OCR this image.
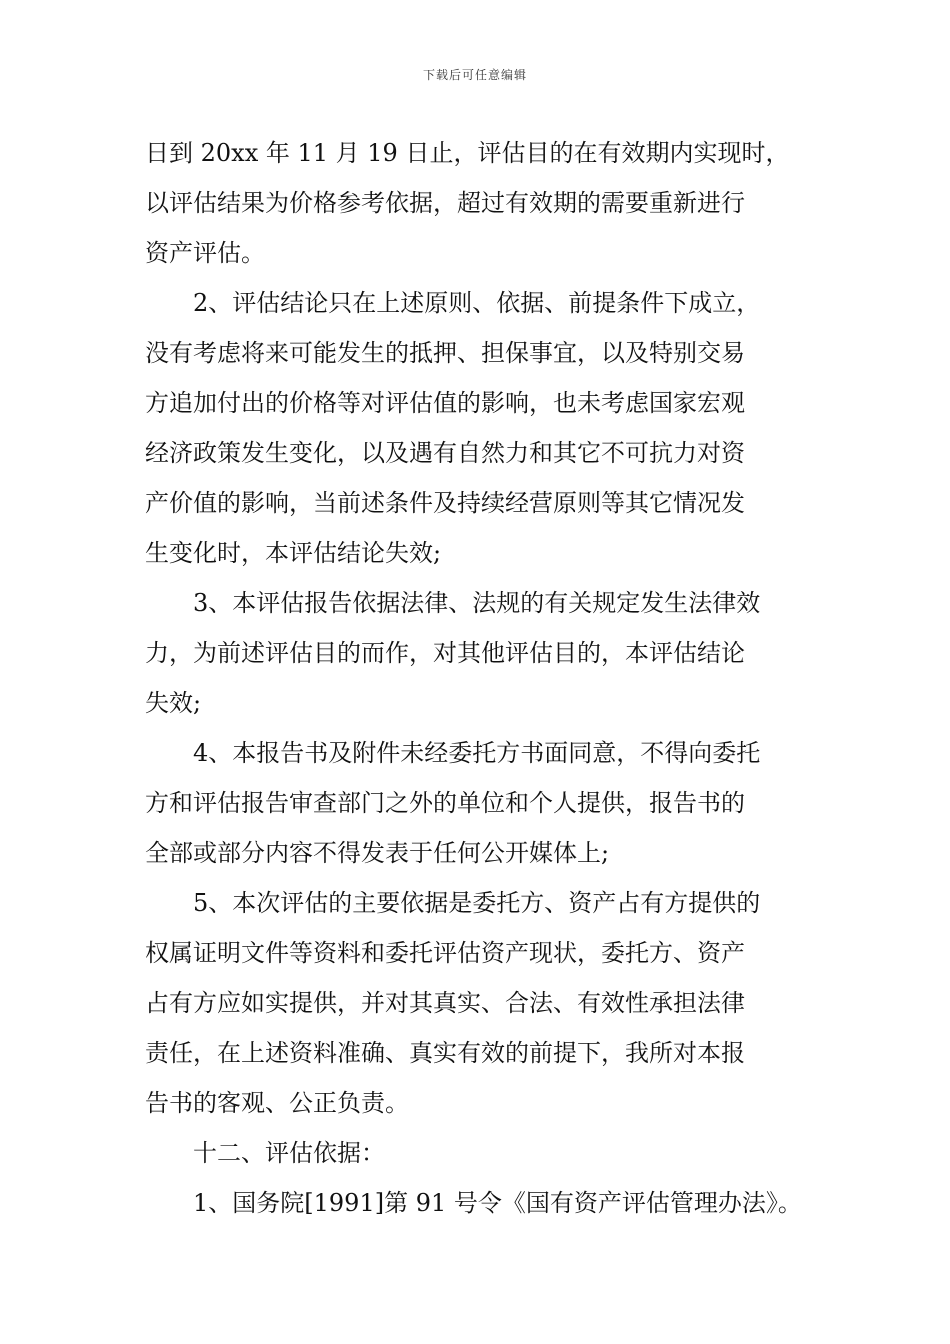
下载后可任意编辑
日到 20xx 年 11 月 19 日止，评估目的在有效期内实现时，
以评估结果为价格参考依据，超过有效期的需要重新进行
资产评估。
2、评估结论只在上述原则、依据、前提条件下成立，
没有考虑将来可能发生的抵押、担保事宜，以及特别交易
方追加付出的价格等对评估值的影响，也未考虑国家宏观
经济政策发生变化，以及遇有自然力和其它不可抗力对资
产价值的影响，当前述条件及持续经营原则等其它情况发
生变化时，本评估结论失效;
3、本评估报告依据法律、法规的有关规定发生法律效
力，为前述评估目的而作，对其他评估目的，本评估结论
失效;
4、本报告书及附件未经委托方书面同意，不得向委托
方和评估报告审查部门之外的单位和个人提供，报告书的
全部或部分内容不得发表于任何公开媒体上;
5、本次评估的主要依据是委托方、资产占有方提供的
权属证明文件等资料和委托评估资产现状，委托方、资产
占有方应如实提供，并对其真实、合法、有效性承担法律
责任，在上述资料准确、真实有效的前提下，我所对本报
告书的客观、公正负责。
十二、评估依据：
1、国务院[1991]第 91 号令《国有资产评估管理办法》。
